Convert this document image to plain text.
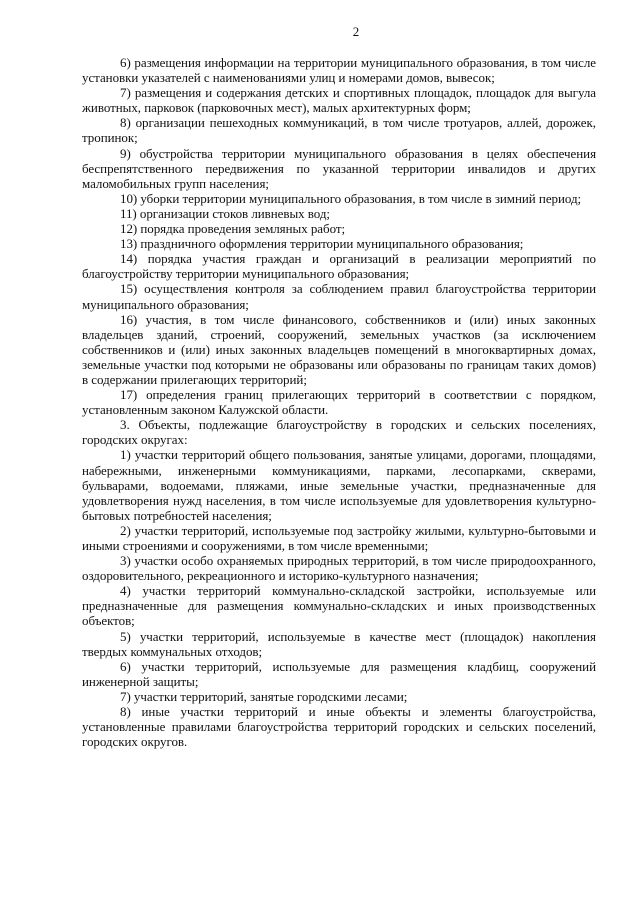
2

6) размещения информации на территории муниципального образования, в том числе установки указателей с наименованиями улиц и номерами домов, вывесок;

7) размещения и содержания детских и спортивных площадок, площадок для выгула животных, парковок (парковочных мест), малых архитектурных форм;

8) организации пешеходных коммуникаций, в том числе тротуаров, аллей, дорожек, тропинок;

9) обустройства территории муниципального образования в целях обеспечения беспрепятственного передвижения по указанной территории инвалидов и других маломобильных групп населения;

10) уборки территории муниципального образования, в том числе в зимний период;

11) организации стоков ливневых вод;

12) порядка проведения земляных работ;

13) праздничного оформления территории муниципального образования;

14) порядка участия граждан и организаций в реализации мероприятий по благоустройству территории муниципального образования;

15) осуществления контроля за соблюдением правил благоустройства территории муниципального образования;

16) участия, в том числе финансового, собственников и (или) иных законных владельцев зданий, строений, сооружений, земельных участков (за исключением собственников и (или) иных законных владельцев помещений в многоквартирных домах, земельные участки под которыми не образованы или образованы по границам таких домов) в содержании прилегающих территорий;

17) определения границ прилегающих территорий в соответствии с порядком, установленным законом Калужской области.

3. Объекты, подлежащие благоустройству в городских и сельских поселениях, городских округах:

1) участки территорий общего пользования, занятые улицами, дорогами, площадями, набережными, инженерными коммуникациями, парками, лесопарками, скверами, бульварами, водоемами, пляжами, иные земельные участки, предназначенные для удовлетворения нужд населения, в том числе используемые для удовлетворения культурно-бытовых потребностей населения;

2) участки территорий, используемые под застройку жилыми, культурно-бытовыми и иными строениями и сооружениями, в том числе временными;

3) участки особо охраняемых природных территорий, в том числе природоохранного, оздоровительного, рекреационного и историко-культурного назначения;

4) участки территорий коммунально-складской застройки, используемые или предназначенные для размещения коммунально-складских и иных производственных объектов;

5) участки территорий, используемые в качестве мест (площадок) накопления твердых коммунальных отходов;

6) участки территорий, используемые для размещения кладбищ, сооружений инженерной защиты;

7) участки территорий, занятые городскими лесами;

8) иные участки территорий и иные объекты и элементы благоустройства, установленные правилами благоустройства территорий городских и сельских поселений, городских округов.
